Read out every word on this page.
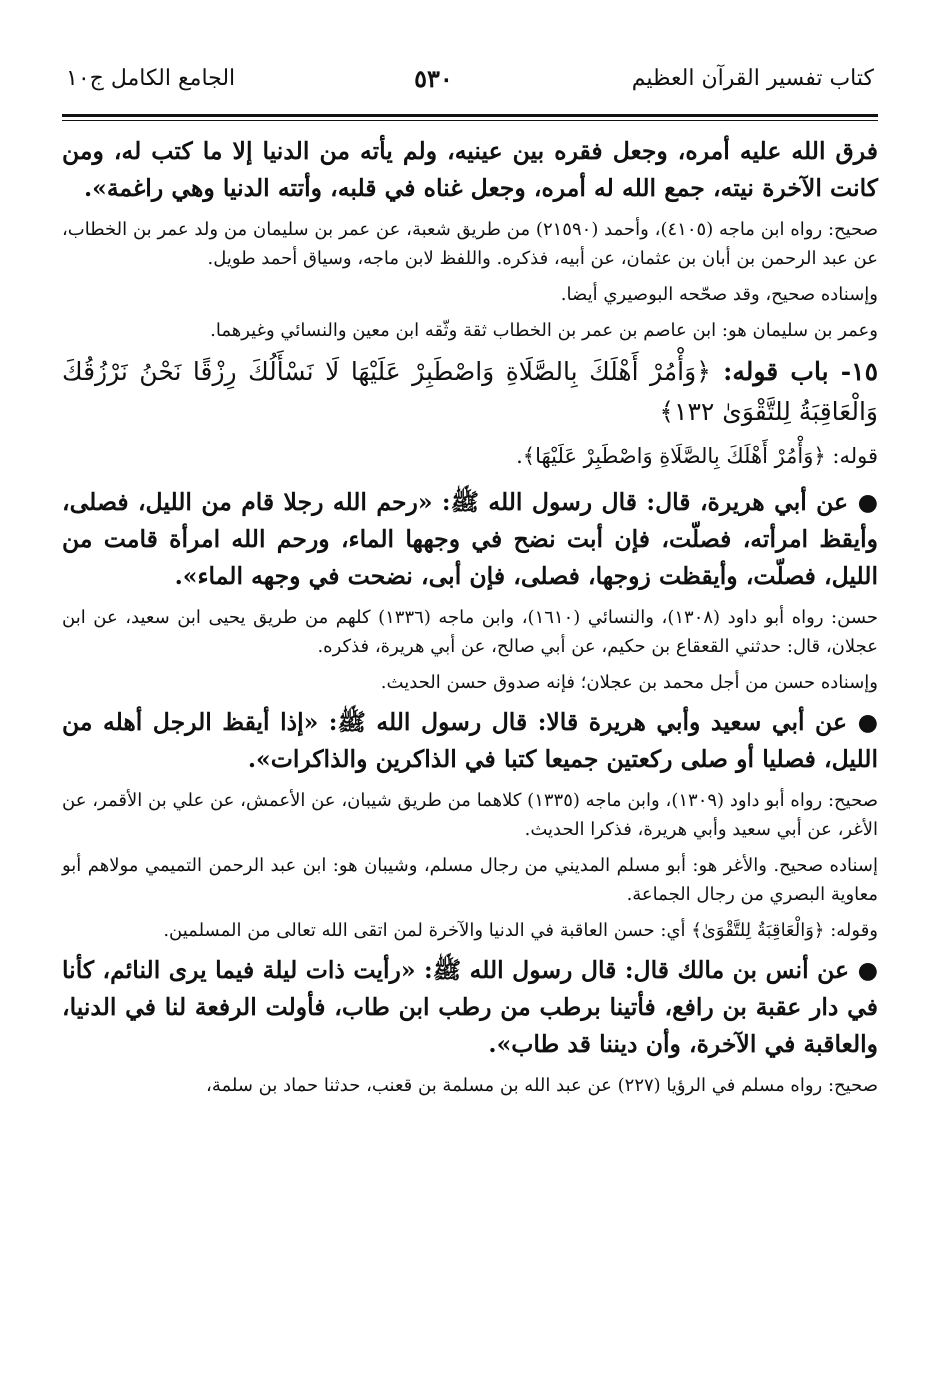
كتاب تفسير القرآن العظيم
٥٣٠
الجامع الكامل ج١٠

فرق الله عليه أمره، وجعل فقره بين عينيه، ولم يأته من الدنيا إلا ما كتب له، ومن كانت الآخرة نيته، جمع الله له أمره، وجعل غناه في قلبه، وأتته الدنيا وهي راغمة».

صحيح: رواه ابن ماجه (٤١٠٥)، وأحمد (٢١٥٩٠) من طريق شعبة، عن عمر بن سليمان من ولد عمر بن الخطاب، عن عبد الرحمن بن أبان بن عثمان، عن أبيه، فذكره. واللفظ لابن ماجه، وسياق أحمد طويل.

وإسناده صحيح، وقد صحّحه البوصيري أيضا.

وعمر بن سليمان هو: ابن عاصم بن عمر بن الخطاب ثقة وثّقه ابن معين والنسائي وغيرهما.

١٥- باب قوله: ﴿وَأْمُرْ أَهْلَكَ بِالصَّلَاةِ وَاصْطَبِرْ عَلَيْهَا لَا نَسْأَلُكَ رِزْقًا نَحْنُ نَرْزُقُكَ وَالْعَاقِبَةُ لِلتَّقْوَىٰ ١٣٢﴾

قوله: ﴿وَأْمُرْ أَهْلَكَ بِالصَّلَاةِ وَاصْطَبِرْ عَلَيْهَا﴾.

● عن أبي هريرة، قال: قال رسول الله ﷺ: «رحم الله رجلا قام من الليل، فصلى، وأيقظ امرأته، فصلّت، فإن أبت نضح في وجهها الماء، ورحم الله امرأة قامت من الليل، فصلّت، وأيقظت زوجها، فصلى، فإن أبى، نضحت في وجهه الماء».

حسن: رواه أبو داود (١٣٠٨)، والنسائي (١٦١٠)، وابن ماجه (١٣٣٦) كلهم من طريق يحيى ابن سعيد، عن ابن عجلان، قال: حدثني القعقاع بن حكيم، عن أبي صالح، عن أبي هريرة، فذكره.

وإسناده حسن من أجل محمد بن عجلان؛ فإنه صدوق حسن الحديث.

● عن أبي سعيد وأبي هريرة قالا: قال رسول الله ﷺ: «إذا أيقظ الرجل أهله من الليل، فصليا أو صلى ركعتين جميعا كتبا في الذاكرين والذاكرات».

صحيح: رواه أبو داود (١٣٠٩)، وابن ماجه (١٣٣٥) كلاهما من طريق شيبان، عن الأعمش، عن علي بن الأقمر، عن الأغر، عن أبي سعيد وأبي هريرة، فذكرا الحديث.

إسناده صحيح. والأغر هو: أبو مسلم المديني من رجال مسلم، وشيبان هو: ابن عبد الرحمن التميمي مولاهم أبو معاوية البصري من رجال الجماعة.

وقوله: ﴿وَالْعَاقِبَةُ لِلتَّقْوَىٰ﴾ أي: حسن العاقبة في الدنيا والآخرة لمن اتقى الله تعالى من المسلمين.

● عن أنس بن مالك قال: قال رسول الله ﷺ: «رأيت ذات ليلة فيما يرى النائم، كأنا في دار عقبة بن رافع، فأتينا برطب من رطب ابن طاب، فأولت الرفعة لنا في الدنيا، والعاقبة في الآخرة، وأن ديننا قد طاب».

صحيح: رواه مسلم في الرؤيا (٢٢٧) عن عبد الله بن مسلمة بن قعنب، حدثنا حماد بن سلمة،
